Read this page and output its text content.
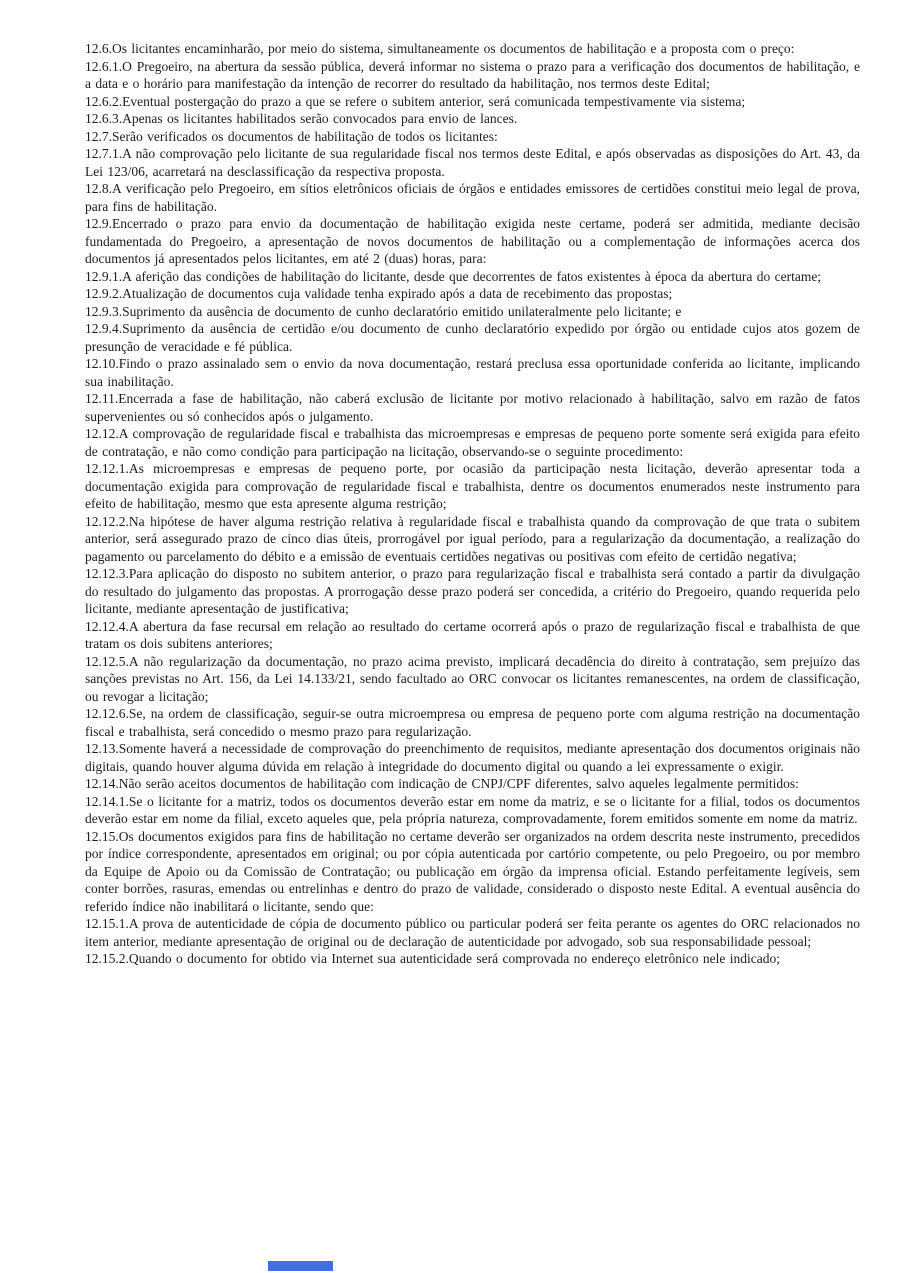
12.6.Os licitantes encaminharão, por meio do sistema, simultaneamente os documentos de habilitação e a proposta com o preço:

12.6.1.O Pregoeiro, na abertura da sessão pública, deverá informar no sistema o prazo para a verificação dos documentos de habilitação, e a data e o horário para manifestação da intenção de recorrer do resultado da habilitação, nos termos deste Edital;

12.6.2.Eventual postergação do prazo a que se refere o subitem anterior, será comunicada tempestivamente via sistema;

12.6.3.Apenas os licitantes habilitados serão convocados para envio de lances.

12.7.Serão verificados os documentos de habilitação de todos os licitantes:

12.7.1.A não comprovação pelo licitante de sua regularidade fiscal nos termos deste Edital, e após observadas as disposições do Art. 43, da Lei 123/06, acarretará na desclassificação da respectiva proposta.

12.8.A verificação pelo Pregoeiro, em sítios eletrônicos oficiais de órgãos e entidades emissores de certidões constitui meio legal de prova, para fins de habilitação.

12.9.Encerrado o prazo para envio da documentação de habilitação exigida neste certame, poderá ser admitida, mediante decisão fundamentada do Pregoeiro, a apresentação de novos documentos de habilitação ou a complementação de informações acerca dos documentos já apresentados pelos licitantes, em até 2 (duas) horas, para:

12.9.1.A aferição das condições de habilitação do licitante, desde que decorrentes de fatos existentes à época da abertura do certame;

12.9.2.Atualização de documentos cuja validade tenha expirado após a data de recebimento das propostas;

12.9.3.Suprimento da ausência de documento de cunho declaratório emitido unilateralmente pelo licitante; e

12.9.4.Suprimento da ausência de certidão e/ou documento de cunho declaratório expedido por órgão ou entidade cujos atos gozem de presunção de veracidade e fé pública.

12.10.Findo o prazo assinalado sem o envio da nova documentação, restará preclusa essa oportunidade conferida ao licitante, implicando sua inabilitação.

12.11.Encerrada a fase de habilitação, não caberá exclusão de licitante por motivo relacionado à habilitação, salvo em razão de fatos supervenientes ou só conhecidos após o julgamento.

12.12.A comprovação de regularidade fiscal e trabalhista das microempresas e empresas de pequeno porte somente será exigida para efeito de contratação, e não como condição para participação na licitação, observando-se o seguinte procedimento:

12.12.1.As microempresas e empresas de pequeno porte, por ocasião da participação nesta licitação, deverão apresentar toda a documentação exigida para comprovação de regularidade fiscal e trabalhista, dentre os documentos enumerados neste instrumento para efeito de habilitação, mesmo que esta apresente alguma restrição;

12.12.2.Na hipótese de haver alguma restrição relativa à regularidade fiscal e trabalhista quando da comprovação de que trata o subitem anterior, será assegurado prazo de cinco dias úteis, prorrogável por igual período, para a regularização da documentação, a realização do pagamento ou parcelamento do débito e a emissão de eventuais certidões negativas ou positivas com efeito de certidão negativa;

12.12.3.Para aplicação do disposto no subitem anterior, o prazo para regularização fiscal e trabalhista será contado a partir da divulgação do resultado do julgamento das propostas. A prorrogação desse prazo poderá ser concedida, a critério do Pregoeiro, quando requerida pelo licitante, mediante apresentação de justificativa;

12.12.4.A abertura da fase recursal em relação ao resultado do certame ocorrerá após o prazo de regularização fiscal e trabalhista de que tratam os dois subitens anteriores;

12.12.5.A não regularização da documentação, no prazo acima previsto, implicará decadência do direito à contratação, sem prejuízo das sanções previstas no Art. 156, da Lei 14.133/21, sendo facultado ao ORC convocar os licitantes remanescentes, na ordem de classificação, ou revogar a licitação;

12.12.6.Se, na ordem de classificação, seguir-se outra microempresa ou empresa de pequeno porte com alguma restrição na documentação fiscal e trabalhista, será concedido o mesmo prazo para regularização.

12.13.Somente haverá a necessidade de comprovação do preenchimento de requisitos, mediante apresentação dos documentos originais não digitais, quando houver alguma dúvida em relação à integridade do documento digital ou quando a lei expressamente o exigir.

12.14.Não serão aceitos documentos de habilitação com indicação de CNPJ/CPF diferentes, salvo aqueles legalmente permitidos:

12.14.1.Se o licitante for a matriz, todos os documentos deverão estar em nome da matriz, e se o licitante for a filial, todos os documentos deverão estar em nome da filial, exceto aqueles que, pela própria natureza, comprovadamente, forem emitidos somente em nome da matriz.

12.15.Os documentos exigidos para fins de habilitação no certame deverão ser organizados na ordem descrita neste instrumento, precedidos por índice correspondente, apresentados em original; ou por cópia autenticada por cartório competente, ou pelo Pregoeiro, ou por membro da Equipe de Apoio ou da Comissão de Contratação; ou publicação em órgão da imprensa oficial. Estando perfeitamente legíveis, sem conter borrões, rasuras, emendas ou entrelinhas e dentro do prazo de validade, considerado o disposto neste Edital. A eventual ausência do referido índice não inabilitará o licitante, sendo que:

12.15.1.A prova de autenticidade de cópia de documento público ou particular poderá ser feita perante os agentes do ORC relacionados no item anterior, mediante apresentação de original ou de declaração de autenticidade por advogado, sob sua responsabilidade pessoal;

12.15.2.Quando o documento for obtido via Internet sua autenticidade será comprovada no endereço eletrônico nele indicado;
